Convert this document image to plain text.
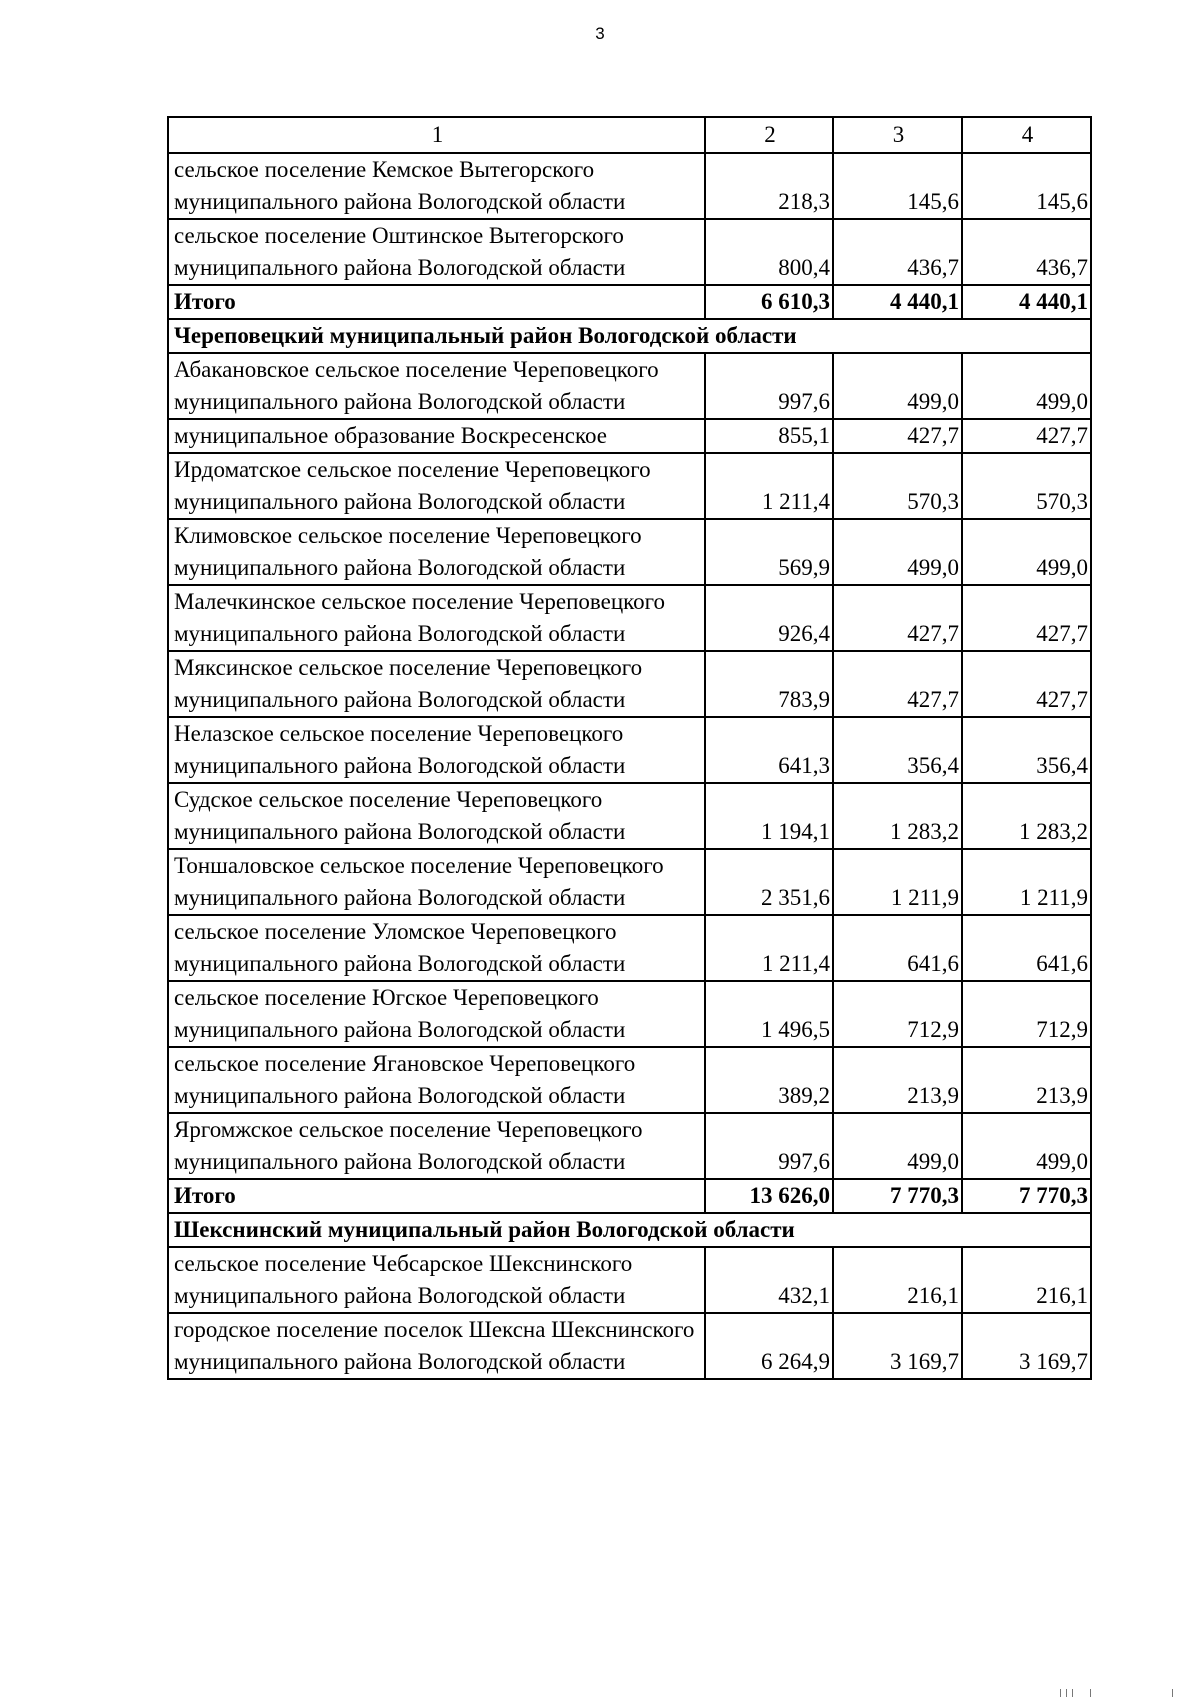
3
1	2	3	4
сельское поселение Кемское Вытегорского муниципального района Вологодской области	218,3	145,6	145,6
сельское поселение Оштинское Вытегорского муниципального района Вологодской области	800,4	436,7	436,7
Итого	6 610,3	4 440,1	4 440,1
Череповецкий муниципальный район Вологодской области			
Абакановское сельское поселение Череповецкого муниципального района Вологодской области	997,6	499,0	499,0
муниципальное образование Воскресенское	855,1	427,7	427,7
Ирдоматское сельское поселение Череповецкого муниципального района Вологодской области	1 211,4	570,3	570,3
Климовское сельское поселение Череповецкого муниципального района Вологодской области	569,9	499,0	499,0
Малечкинское сельское поселение Череповецкого муниципального района Вологодской области	926,4	427,7	427,7
Мяксинское сельское поселение Череповецкого муниципального района Вологодской области	783,9	427,7	427,7
Нелазское сельское поселение Череповецкого муниципального района Вологодской области	641,3	356,4	356,4
Судское сельское поселение Череповецкого муниципального района Вологодской области	1 194,1	1 283,2	1 283,2
Тоншаловское сельское поселение Череповецкого муниципального района Вологодской области	2 351,6	1 211,9	1 211,9
сельское поселение Уломское Череповецкого муниципального района Вологодской области	1 211,4	641,6	641,6
сельское поселение Югское Череповецкого муниципального района Вологодской области	1 496,5	712,9	712,9
сельское поселение Ягановское Череповецкого муниципального района Вологодской области	389,2	213,9	213,9
Яргомжское сельское поселение Череповецкого муниципального района Вологодской области	997,6	499,0	499,0
Итого	13 626,0	7 770,3	7 770,3
Шекснинский муниципальный район Вологодской области			
сельское поселение Чебсарское Шекснинского муниципального района Вологодской области	432,1	216,1	216,1
городское поселение поселок Шексна Шекснинского муниципального района Вологодской области	6 264,9	3 169,7	3 169,7
